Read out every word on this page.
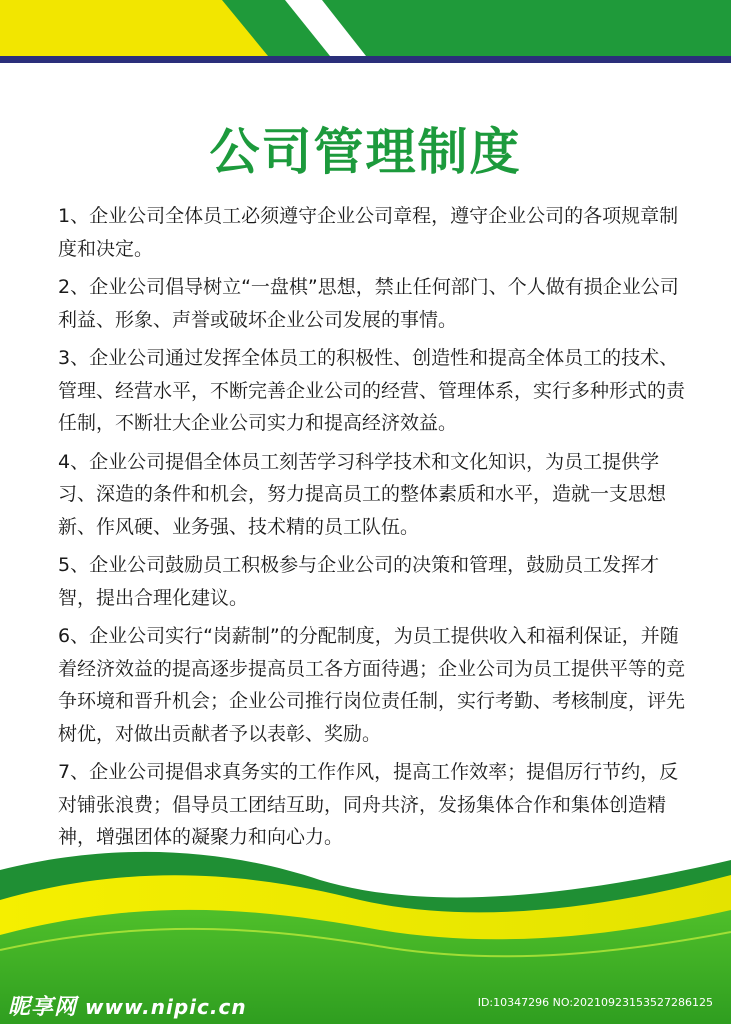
公司管理制度

1、企业公司全体员工必须遵守企业公司章程，遵守企业公司的各项规章制度和决定。

2、企业公司倡导树立“一盘棋”思想，禁止任何部门、个人做有损企业公司利益、形象、声誉或破坏企业公司发展的事情。

3、企业公司通过发挥全体员工的积极性、创造性和提高全体员工的技术、管理、经营水平，不断完善企业公司的经营、管理体系，实行多种形式的责任制，不断壮大企业公司实力和提高经济效益。

4、企业公司提倡全体员工刻苦学习科学技术和文化知识，为员工提供学习、深造的条件和机会，努力提高员工的整体素质和水平，造就一支思想新、作风硬、业务强、技术精的员工队伍。

5、企业公司鼓励员工积极参与企业公司的决策和管理，鼓励员工发挥才智，提出合理化建议。

6、企业公司实行“岗薪制”的分配制度，为员工提供收入和福利保证，并随着经济效益的提高逐步提高员工各方面待遇；企业公司为员工提供平等的竞争环境和晋升机会；企业公司推行岗位责任制，实行考勤、考核制度，评先树优，对做出贡献者予以表彰、奖励。

7、企业公司提倡求真务实的工作作风，提高工作效率；提倡厉行节约，反对铺张浪费；倡导员工团结互助，同舟共济，发扬集体合作和集体创造精神，增强团体的凝聚力和向心力。

昵享网 www.nipic.cn	ID:10347296 NO:20210923153527286125
